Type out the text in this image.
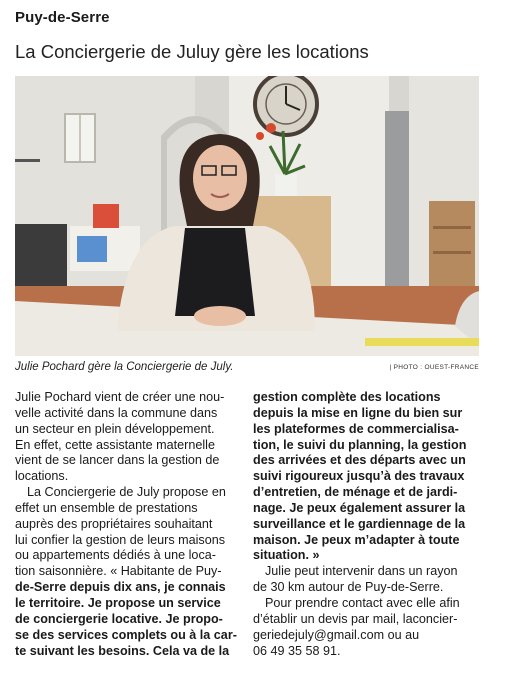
Puy-de-Serre
La Conciergerie de Juluy gère les locations
Julie Pochard gère la Conciergerie de July.	| PHOTO : OUEST-FRANCE
Julie Pochard vient de créer une nou-
velle activité dans la commune dans
un secteur en plein développement.
En effet, cette assistante maternelle
vient de se lancer dans la gestion de
locations.
La Conciergerie de July propose en
effet un ensemble de prestations
auprès des propriétaires souhaitant
lui confier la gestion de leurs maisons
ou appartements dédiés à une loca-
tion saisonnière. « Habitante de Puy-
de-Serre depuis dix ans, je connais
le territoire. Je propose un service
de conciergerie locative. Je propo-
se des services complets ou à la car-
te suivant les besoins. Cela va de la
gestion complète des locations
depuis la mise en ligne du bien sur
les plateformes de commercialisa-
tion, le suivi du planning, la gestion
des arrivées et des départs avec un
suivi rigoureux jusqu’à des travaux
d’entretien, de ménage et de jardi-
nage. Je peux également assurer la
surveillance et le gardiennage de la
maison. Je peux m’adapter à toute
situation. »
Julie peut intervenir dans un rayon
de 30 km autour de Puy-de-Serre.
Pour prendre contact avec elle afin
d’établir un devis par mail, laconcier-
geriedejuly@gmail.com ou au
06 49 35 58 91.
